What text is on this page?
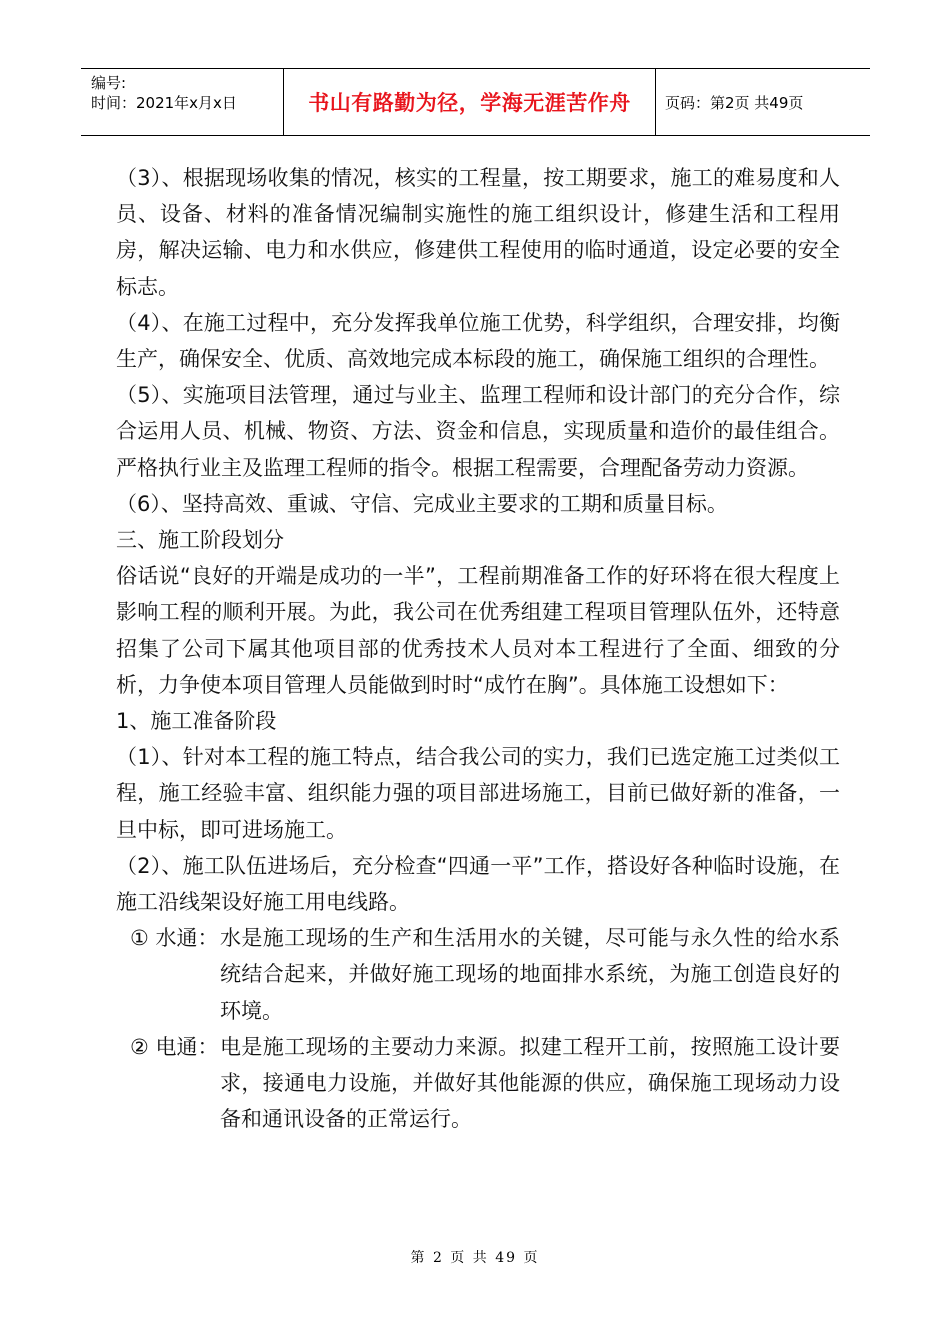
编号:
时间：2021年x月x日	书山有路勤为径，学海无涯苦作舟 页码：第2页 共49页

（3）、根据现场收集的情况，核实的工程量，按工期要求，施工的难易度和人员、设备、材料的准备情况编制实施性的施工组织设计，修建生活和工程用房，解决运输、电力和水供应，修建供工程使用的临时通道，设定必要的安全标志。

（4）、在施工过程中，充分发挥我单位施工优势，科学组织，合理安排，均衡生产，确保安全、优质、高效地完成本标段的施工，确保施工组织的合理性。

（5）、实施项目法管理，通过与业主、监理工程师和设计部门的充分合作，综合运用人员、机械、物资、方法、资金和信息，实现质量和造价的最佳组合。严格执行业主及监理工程师的指令。根据工程需要，合理配备劳动力资源。

（6）、坚持高效、重诚、守信、完成业主要求的工期和质量目标。

三、施工阶段划分

俗话说“良好的开端是成功的一半”，工程前期准备工作的好环将在很大程度上影响工程的顺利开展。为此，我公司在优秀组建工程项目管理队伍外，还特意招集了公司下属其他项目部的优秀技术人员对本工程进行了全面、细致的分析，力争使本项目管理人员能做到时时“成竹在胸”。具体施工设想如下：

1、施工准备阶段

（1）、针对本工程的施工特点，结合我公司的实力，我们已选定施工过类似工程，施工经验丰富、组织能力强的项目部进场施工，目前已做好新的准备，一旦中标，即可进场施工。

（2）、施工队伍进场后，充分检查“四通一平”工作，搭设好各种临时设施，在施工沿线架设好施工用电线路。

① 水通： 水是施工现场的生产和生活用水的关键，尽可能与永久性的给水系统结合起来，并做好施工现场的地面排水系统，为施工创造良好的环境。
② 电通： 电是施工现场的主要动力来源。拟建工程开工前，按照施工设计要求，接通电力设施，并做好其他能源的供应，确保施工现场动力设备和通讯设备的正常运行。
第 2 页 共 49 页
